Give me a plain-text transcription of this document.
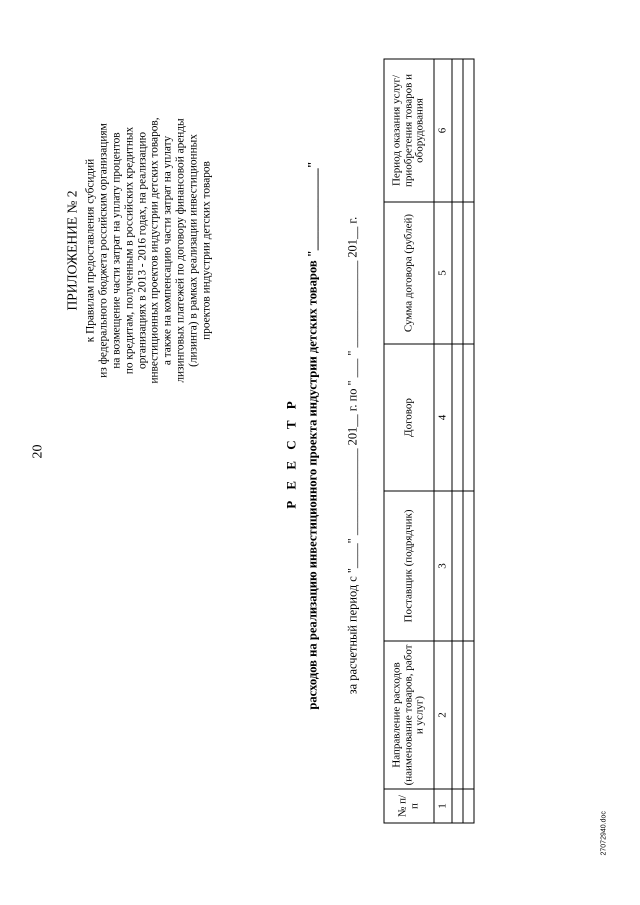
20
ПРИЛОЖЕНИЕ № 2 к Правилам предоставления субсидий из федерального бюджета российским организациям на возмещение части затрат на уплату процентов по кредитам, полученным в российских кредитных организациях в 2013 - 2016 годах, на реализацию инвестиционных проектов индустрии детских товаров, а также на компенсацию части затрат на уплату лизинговых платежей по договору финансовой аренды (лизинга) в рамках реализации инвестиционных проектов индустрии детских товаров
Р Е Е С Т Р расходов на реализацию инвестиционного проекта индустрии детских товаров "_____________" за расчетный период с "____" ______________ 201__ г. по " ___ " ______________ 201__ г.
№ п/п	Направление расходов (наименование товаров, работ и услуг)	Поставщик (подрядчик)	Договор	Сумма договора (рублей)	Период оказания услуг/ приобретения товаров и оборудования
1	2	3	4	5	6

27072940.doc
